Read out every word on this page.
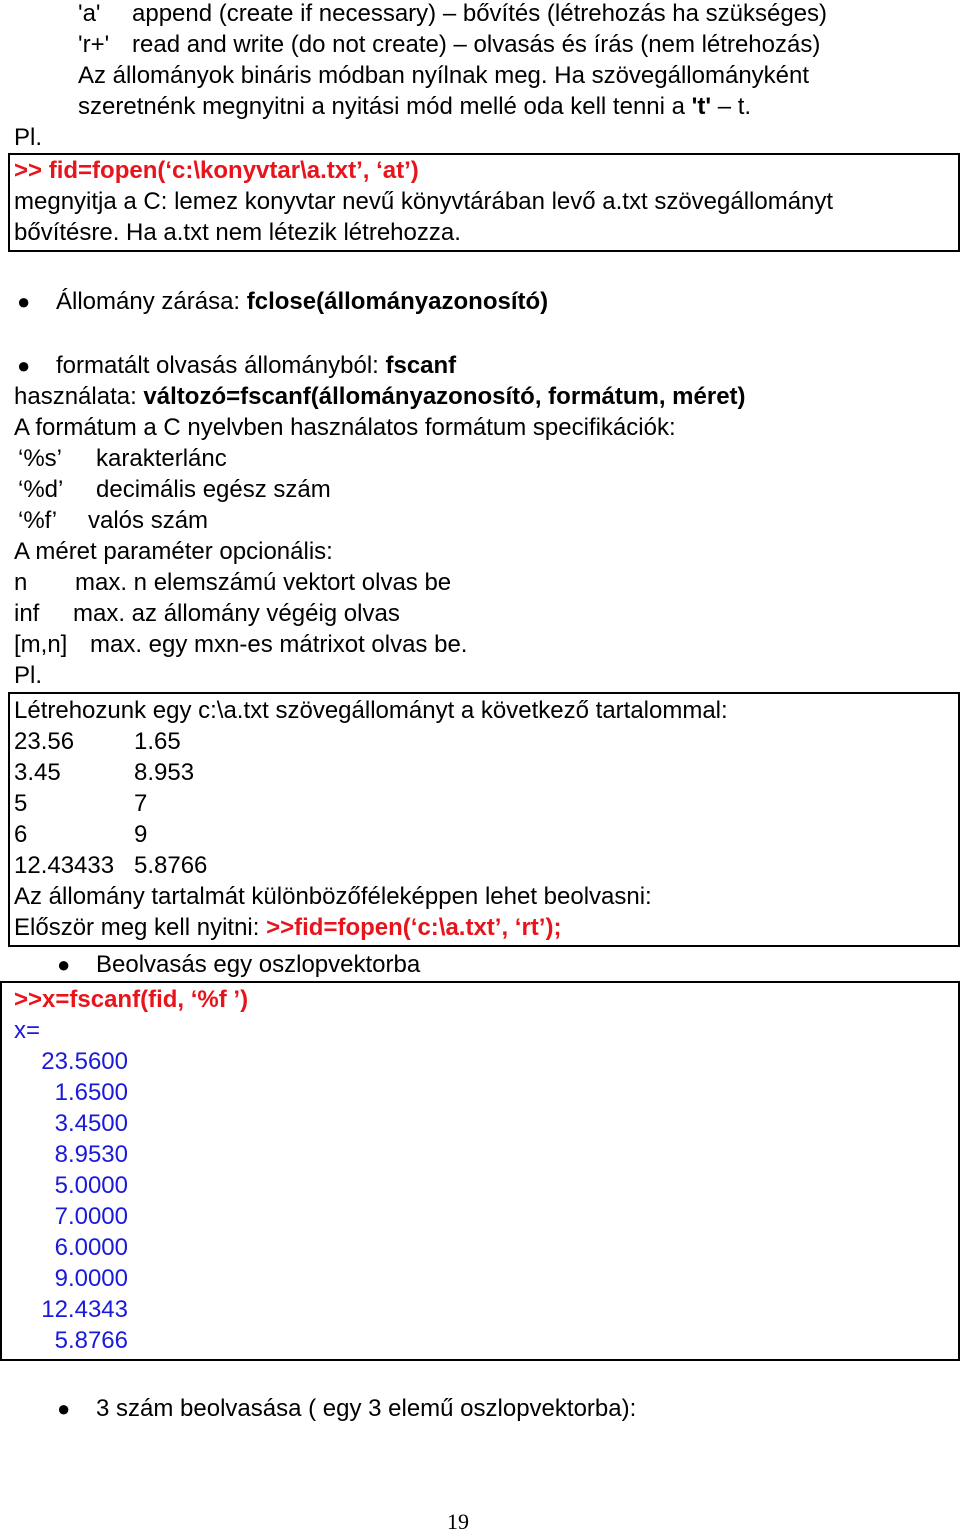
'a' append (create if necessary) – bővítés (létrehozás ha szükséges)
'r+' read and write (do not create) – olvasás és írás (nem létrehozás)
Az állományok bináris módban nyílnak meg. Ha szövegállományként
szeretnénk megnyitni a nyitási mód mellé oda kell tenni a 't' – t.
Pl.
>> fid=fopen(‘c:\konyvtar\a.txt’, ‘at’)
megnyitja a C: lemez konyvtar nevű könyvtárában levő a.txt szövegállományt
bővítésre. Ha a.txt nem létezik létrehozza.
● Állomány zárása: fclose(állományazonosító)
● formatált olvasás állományból: fscanf
használata: változó=fscanf(állományazonosító, formátum, méret)
A formátum a C nyelvben használatos formátum specifikációk:
‘%s’ karakterlánc
‘%d’ decimális egész szám
‘%f’ valós szám
A méret paraméter opcionális:
n max. n elemszámú vektort olvas be
inf max. az állomány végéig olvas
[m,n] max. egy mxn-es mátrixot olvas be.
Pl.
Létrehozunk egy c:\a.txt szövegállományt a következő tartalommal:
23.56 1.65
3.45	8.953
5	7
6	9
12.43433 5.8766
Az állomány tartalmát különbözőféleképpen lehet beolvasni:
Először meg kell nyitni: >>fid=fopen(‘c:\a.txt’, ‘rt’);
● Beolvasás egy oszlopvektorba
>>x=fscanf(fid, ‘%f ’)
x=
23.5600
1.6500
3.4500
8.9530
5.0000
7.0000
6.0000
9.0000
12.4343
5.8766
● 3 szám beolvasása ( egy 3 elemű oszlopvektorba):
19
